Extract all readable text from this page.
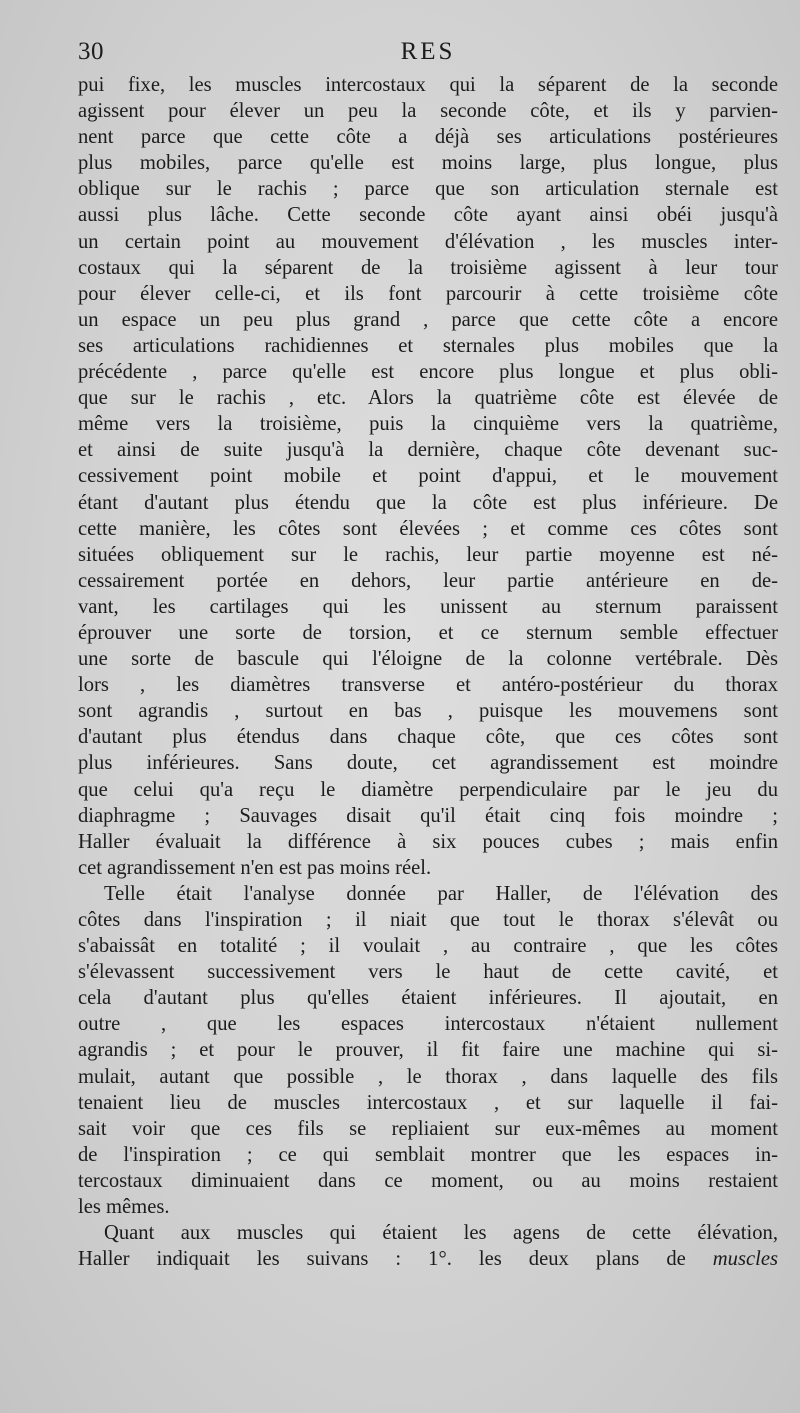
30	RES
pui fixe, les muscles intercostaux qui la séparent de la seconde
agissent pour élever un peu la seconde côte, et ils y parvien-
nent parce que cette côte a déjà ses articulations postérieures
plus mobiles, parce qu'elle est moins large, plus longue, plus
oblique sur le rachis ; parce que son articulation sternale est
aussi plus lâche. Cette seconde côte ayant ainsi obéi jusqu'à
un certain point au mouvement d'élévation , les muscles inter-
costaux qui la séparent de la troisième agissent à leur tour
pour élever celle-ci, et ils font parcourir à cette troisième côte
un espace un peu plus grand , parce que cette côte a encore
ses articulations rachidiennes et sternales plus mobiles que la
précédente , parce qu'elle est encore plus longue et plus obli-
que sur le rachis , etc. Alors la quatrième côte est élevée de
même vers la troisième, puis la cinquième vers la quatrième,
et ainsi de suite jusqu'à la dernière, chaque côte devenant suc-
cessivement point mobile et point d'appui, et le mouvement
étant d'autant plus étendu que la côte est plus inférieure. De
cette manière, les côtes sont élevées ; et comme ces côtes sont
situées obliquement sur le rachis, leur partie moyenne est né-
cessairement portée en dehors, leur partie antérieure en de-
vant, les cartilages qui les unissent au sternum paraissent
éprouver une sorte de torsion, et ce sternum semble effectuer
une sorte de bascule qui l'éloigne de la colonne vertébrale. Dès
lors , les diamètres transverse et antéro-postérieur du thorax
sont agrandis , surtout en bas , puisque les mouvemens sont
d'autant plus étendus dans chaque côte, que ces côtes sont
plus inférieures. Sans doute, cet agrandissement est moindre
que celui qu'a reçu le diamètre perpendiculaire par le jeu du
diaphragme ; Sauvages disait qu'il était cinq fois moindre ;
Haller évaluait la différence à six pouces cubes ; mais enfin
cet agrandissement n'en est pas moins réel.
Telle était l'analyse donnée par Haller, de l'élévation des
côtes dans l'inspiration ; il niait que tout le thorax s'élevât ou
s'abaissât en totalité ; il voulait , au contraire , que les côtes
s'élevassent successivement vers le haut de cette cavité, et
cela d'autant plus qu'elles étaient inférieures. Il ajoutait, en
outre , que les espaces intercostaux n'étaient nullement
agrandis ; et pour le prouver, il fit faire une machine qui si-
mulait, autant que possible , le thorax , dans laquelle des fils
tenaient lieu de muscles intercostaux , et sur laquelle il fai-
sait voir que ces fils se repliaient sur eux-mêmes au moment
de l'inspiration ; ce qui semblait montrer que les espaces in-
tercostaux diminuaient dans ce moment, ou au moins restaient
les mêmes.
Quant aux muscles qui étaient les agens de cette élévation,
Haller indiquait les suivans : 1°. les deux plans de muscles
